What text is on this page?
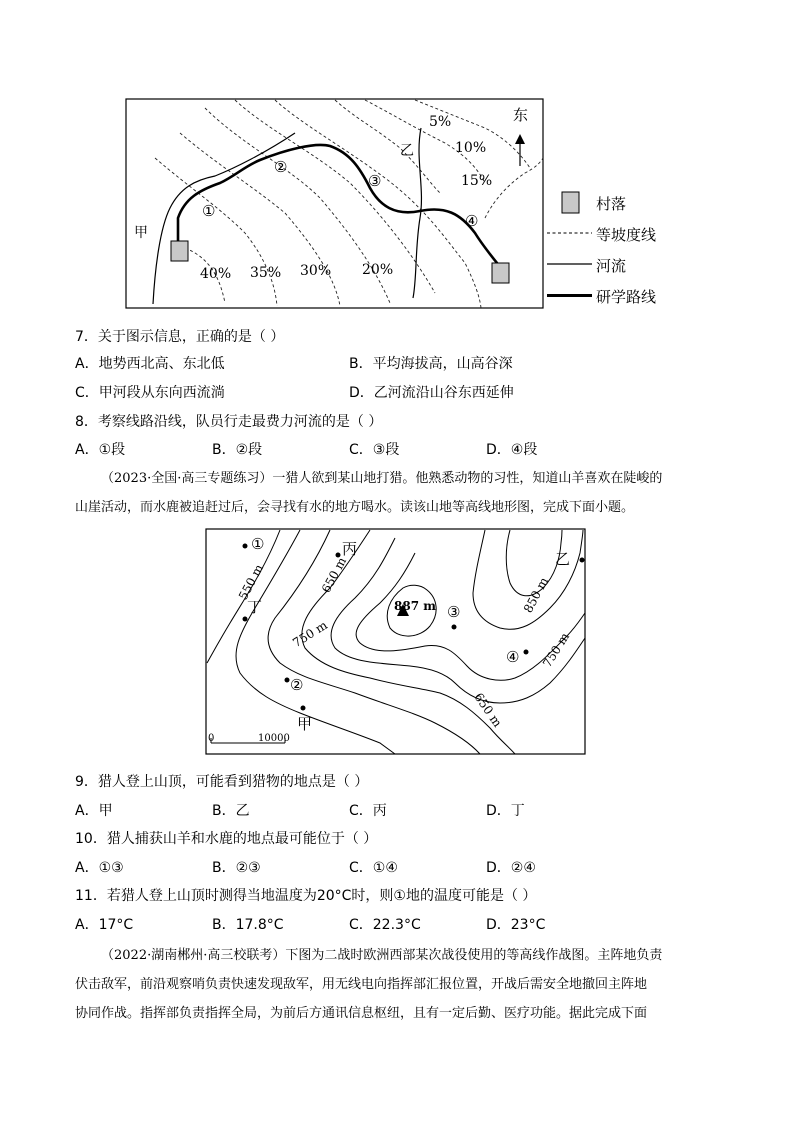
东
5%
乙	10%
15%
②
③
①
④
甲
40% 35% 30% 20%
村落
等坡度线
河流
研学路线
7．关于图示信息，正确的是（ ）
A．地势西北高、东北低	B．平均海拔高，山高谷深
C．甲河段从东向西流淌	D．乙河流沿山谷东西延伸
8．考察线路沿线，队员行走最费力河流的是（ ）
A．①段	B．②段	C．③段	D．④段
（2023·全国·高三专题练习）一猎人欲到某山地打猎。他熟悉动物的习性，知道山羊喜欢在陡峻的
山崖活动，而水鹿被追赶过后，会寻找有水的地方喝水。读该山地等高线地形图，完成下面小题。
①	丙
乙
550 m	650 m	850 m
丁	887 m ③
750 m	750 m
④
②
甲	650 m
0	10000
9．猎人登上山顶，可能看到猎物的地点是（ ）
A．甲	B．乙	C．丙	D．丁
10．猎人捕获山羊和水鹿的地点最可能位于（ ）
A．①③	B．②③	C．①④	D．②④
11．若猎人登上山顶时测得当地温度为20°C时，则①地的温度可能是（ ）
A．17°C	B．17.8°C	C．22.3°C	D．23°C
（2022·湖南郴州·高三校联考）下图为二战时欧洲西部某次战役使用的等高线作战图。主阵地负责
伏击敌军，前沿观察哨负责快速发现敌军，用无线电向指挥部汇报位置，开战后需安全地撤回主阵地
协同作战。指挥部负责指挥全局，为前后方通讯信息枢纽，且有一定后勤、医疗功能。据此完成下面
